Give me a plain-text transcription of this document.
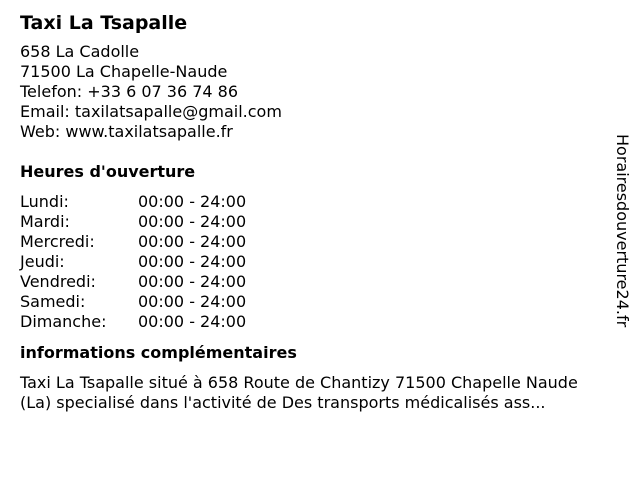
Taxi La Tsapalle
658 La Cadolle
71500 La Chapelle-Naude
Telefon: +33 6 07 36 74 86
Email: taxilatsapalle@gmail.com
Web: www.taxilatsapalle.fr
Heures d'ouverture
Lundi:	00:00 - 24:00
Mardi:	00:00 - 24:00
Mercredi:	00:00 - 24:00
Jeudi:	00:00 - 24:00
Vendredi:	00:00 - 24:00
Samedi:	00:00 - 24:00
Dimanche:	00:00 - 24:00
informations complémentaires
Taxi La Tsapalle situé à 658 Route de Chantizy 71500 Chapelle Naude
(La) specialisé dans l'activité de Des transports médicalisés ass...
Horairesdouverture24.fr
